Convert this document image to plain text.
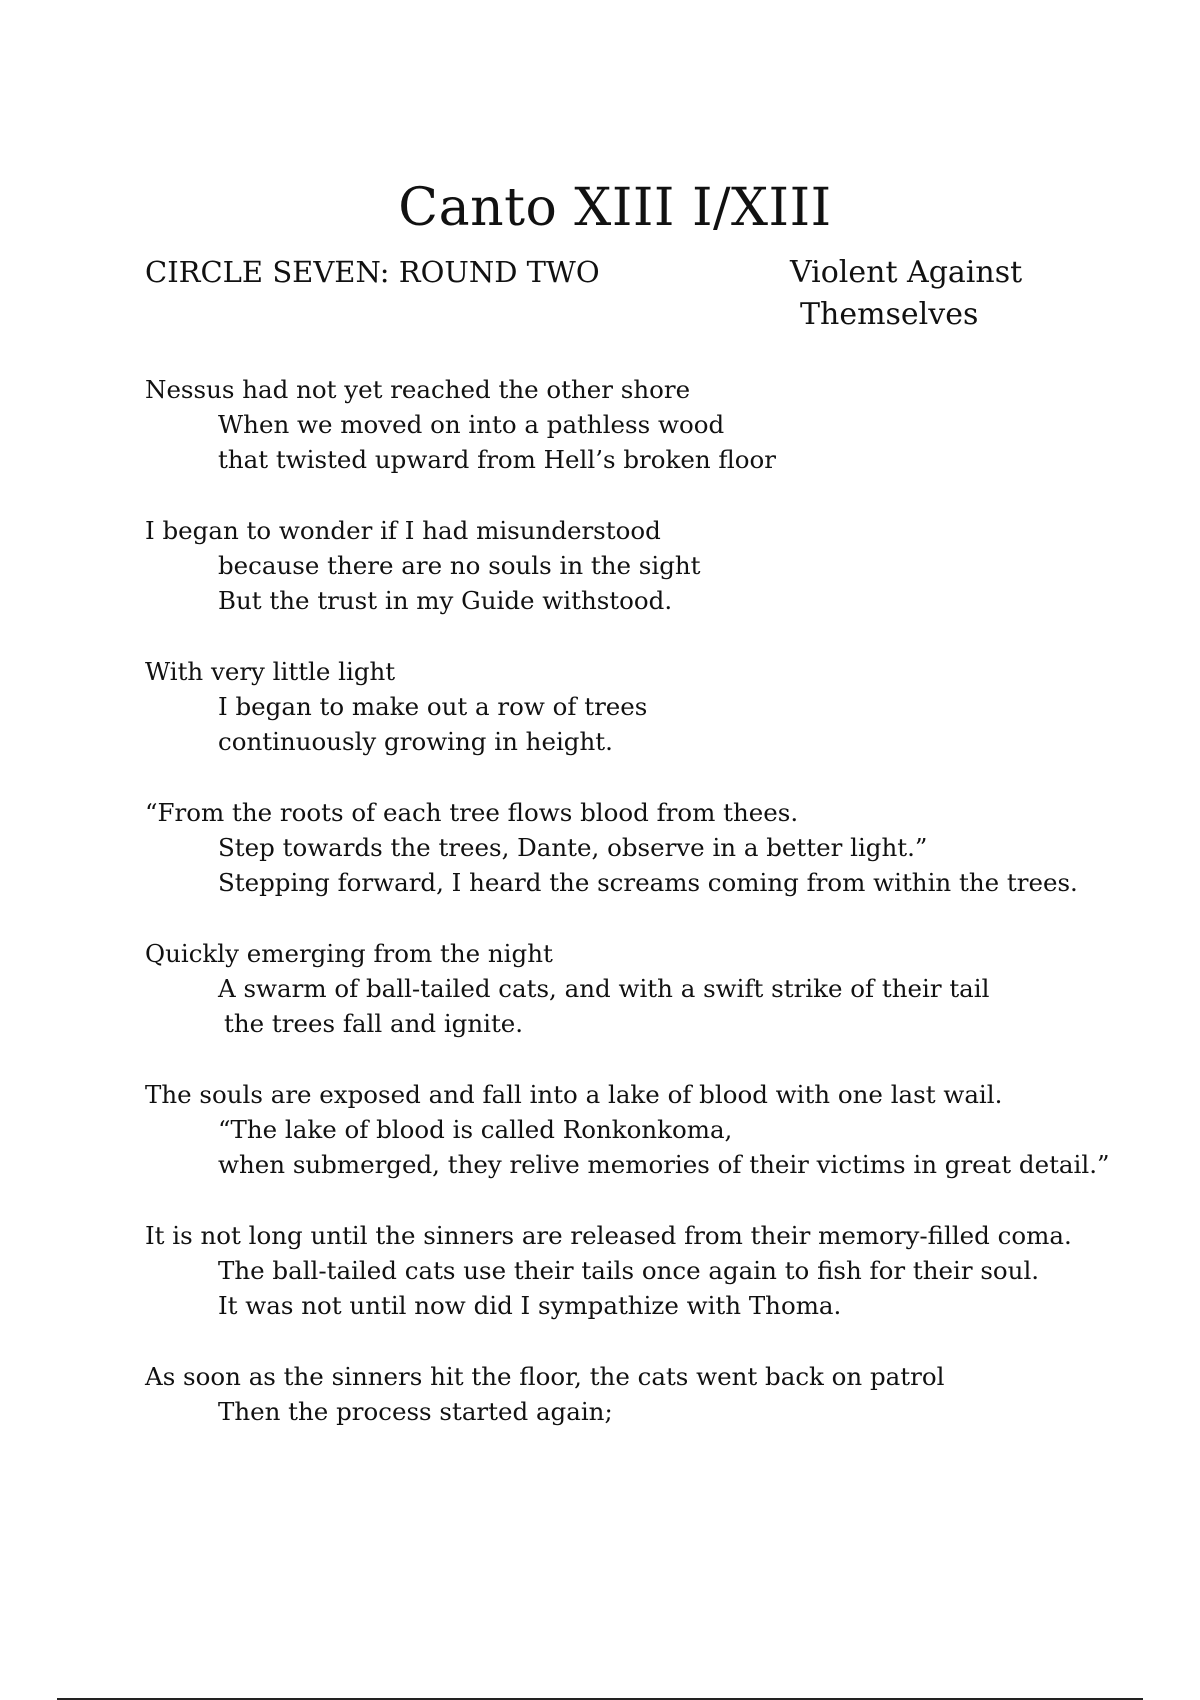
Canto XIII I/XIII
CIRCLE SEVEN: ROUND TWO	Violent Against
Themselves
Nessus had not yet reached the other shore
When we moved on into a pathless wood
that twisted upward from Hell’s broken floor
I began to wonder if I had misunderstood
because there are no souls in the sight
But the trust in my Guide withstood.
With very little light
I began to make out a row of trees
continuously growing in height.
“From the roots of each tree flows blood from thees.
Step towards the trees, Dante, observe in a better light.”
Stepping forward, I heard the screams coming from within the trees.
Quickly emerging from the night
A swarm of ball-tailed cats, and with a swift strike of their tail
the trees fall and ignite.
The souls are exposed and fall into a lake of blood with one last wail.
“The lake of blood is called Ronkonkoma,
when submerged, they relive memories of their victims in great detail.”
It is not long until the sinners are released from their memory-filled coma.
The ball-tailed cats use their tails once again to fish for their soul.
It was not until now did I sympathize with Thoma.
As soon as the sinners hit the floor, the cats went back on patrol
Then the process started again;
